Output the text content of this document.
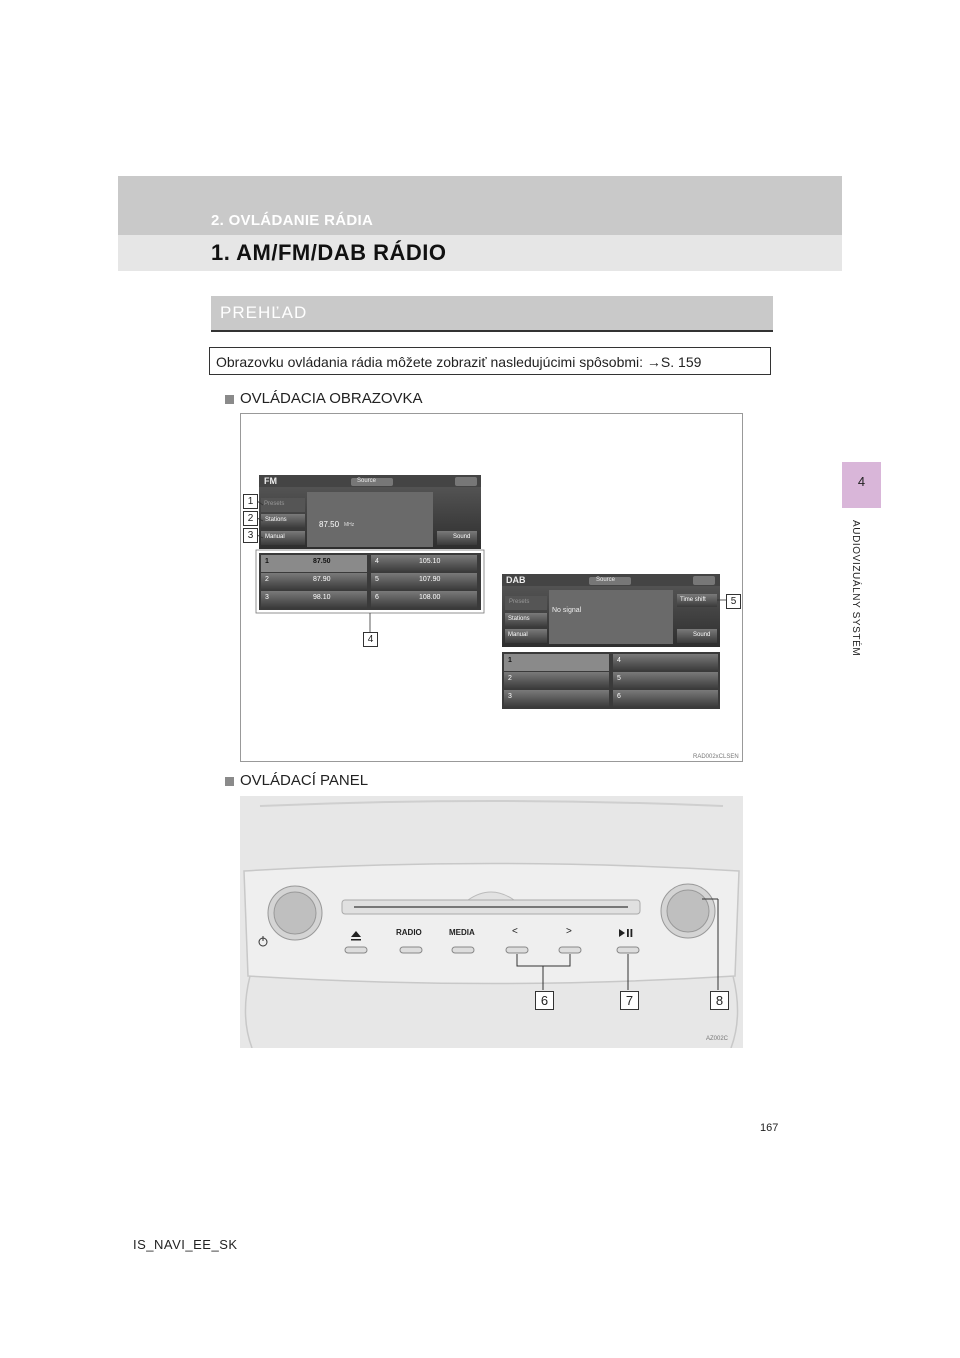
2. OVLÁDANIE RÁDIA
1. AM/FM/DAB RÁDIO
4
AUDIOVIZUÁLNY SYSTÉM
PREHĽAD
Obrazovku ovládania rádia môžete zobraziť nasledujúcimi spôsobmi: →S. 159
OVLÁDACIA OBRAZOVKA
FM	Source
Presets
Stations
Manual
87.50 MHz
Sound
1	87.50	4	105.10
2	87.90	5	107.90
3	98.10	6	108.00
DAB	Source
Presets
Stations
Manual
No signal
Time shift
Sound
1	4
2	5
3	6
1
2
3
4
5
RAD002xCLSEN
OVLÁDACÍ PANEL
RADIO	MEDIA	<	>
6	7	8
AZ002C
167
IS_NAVI_EE_SK
